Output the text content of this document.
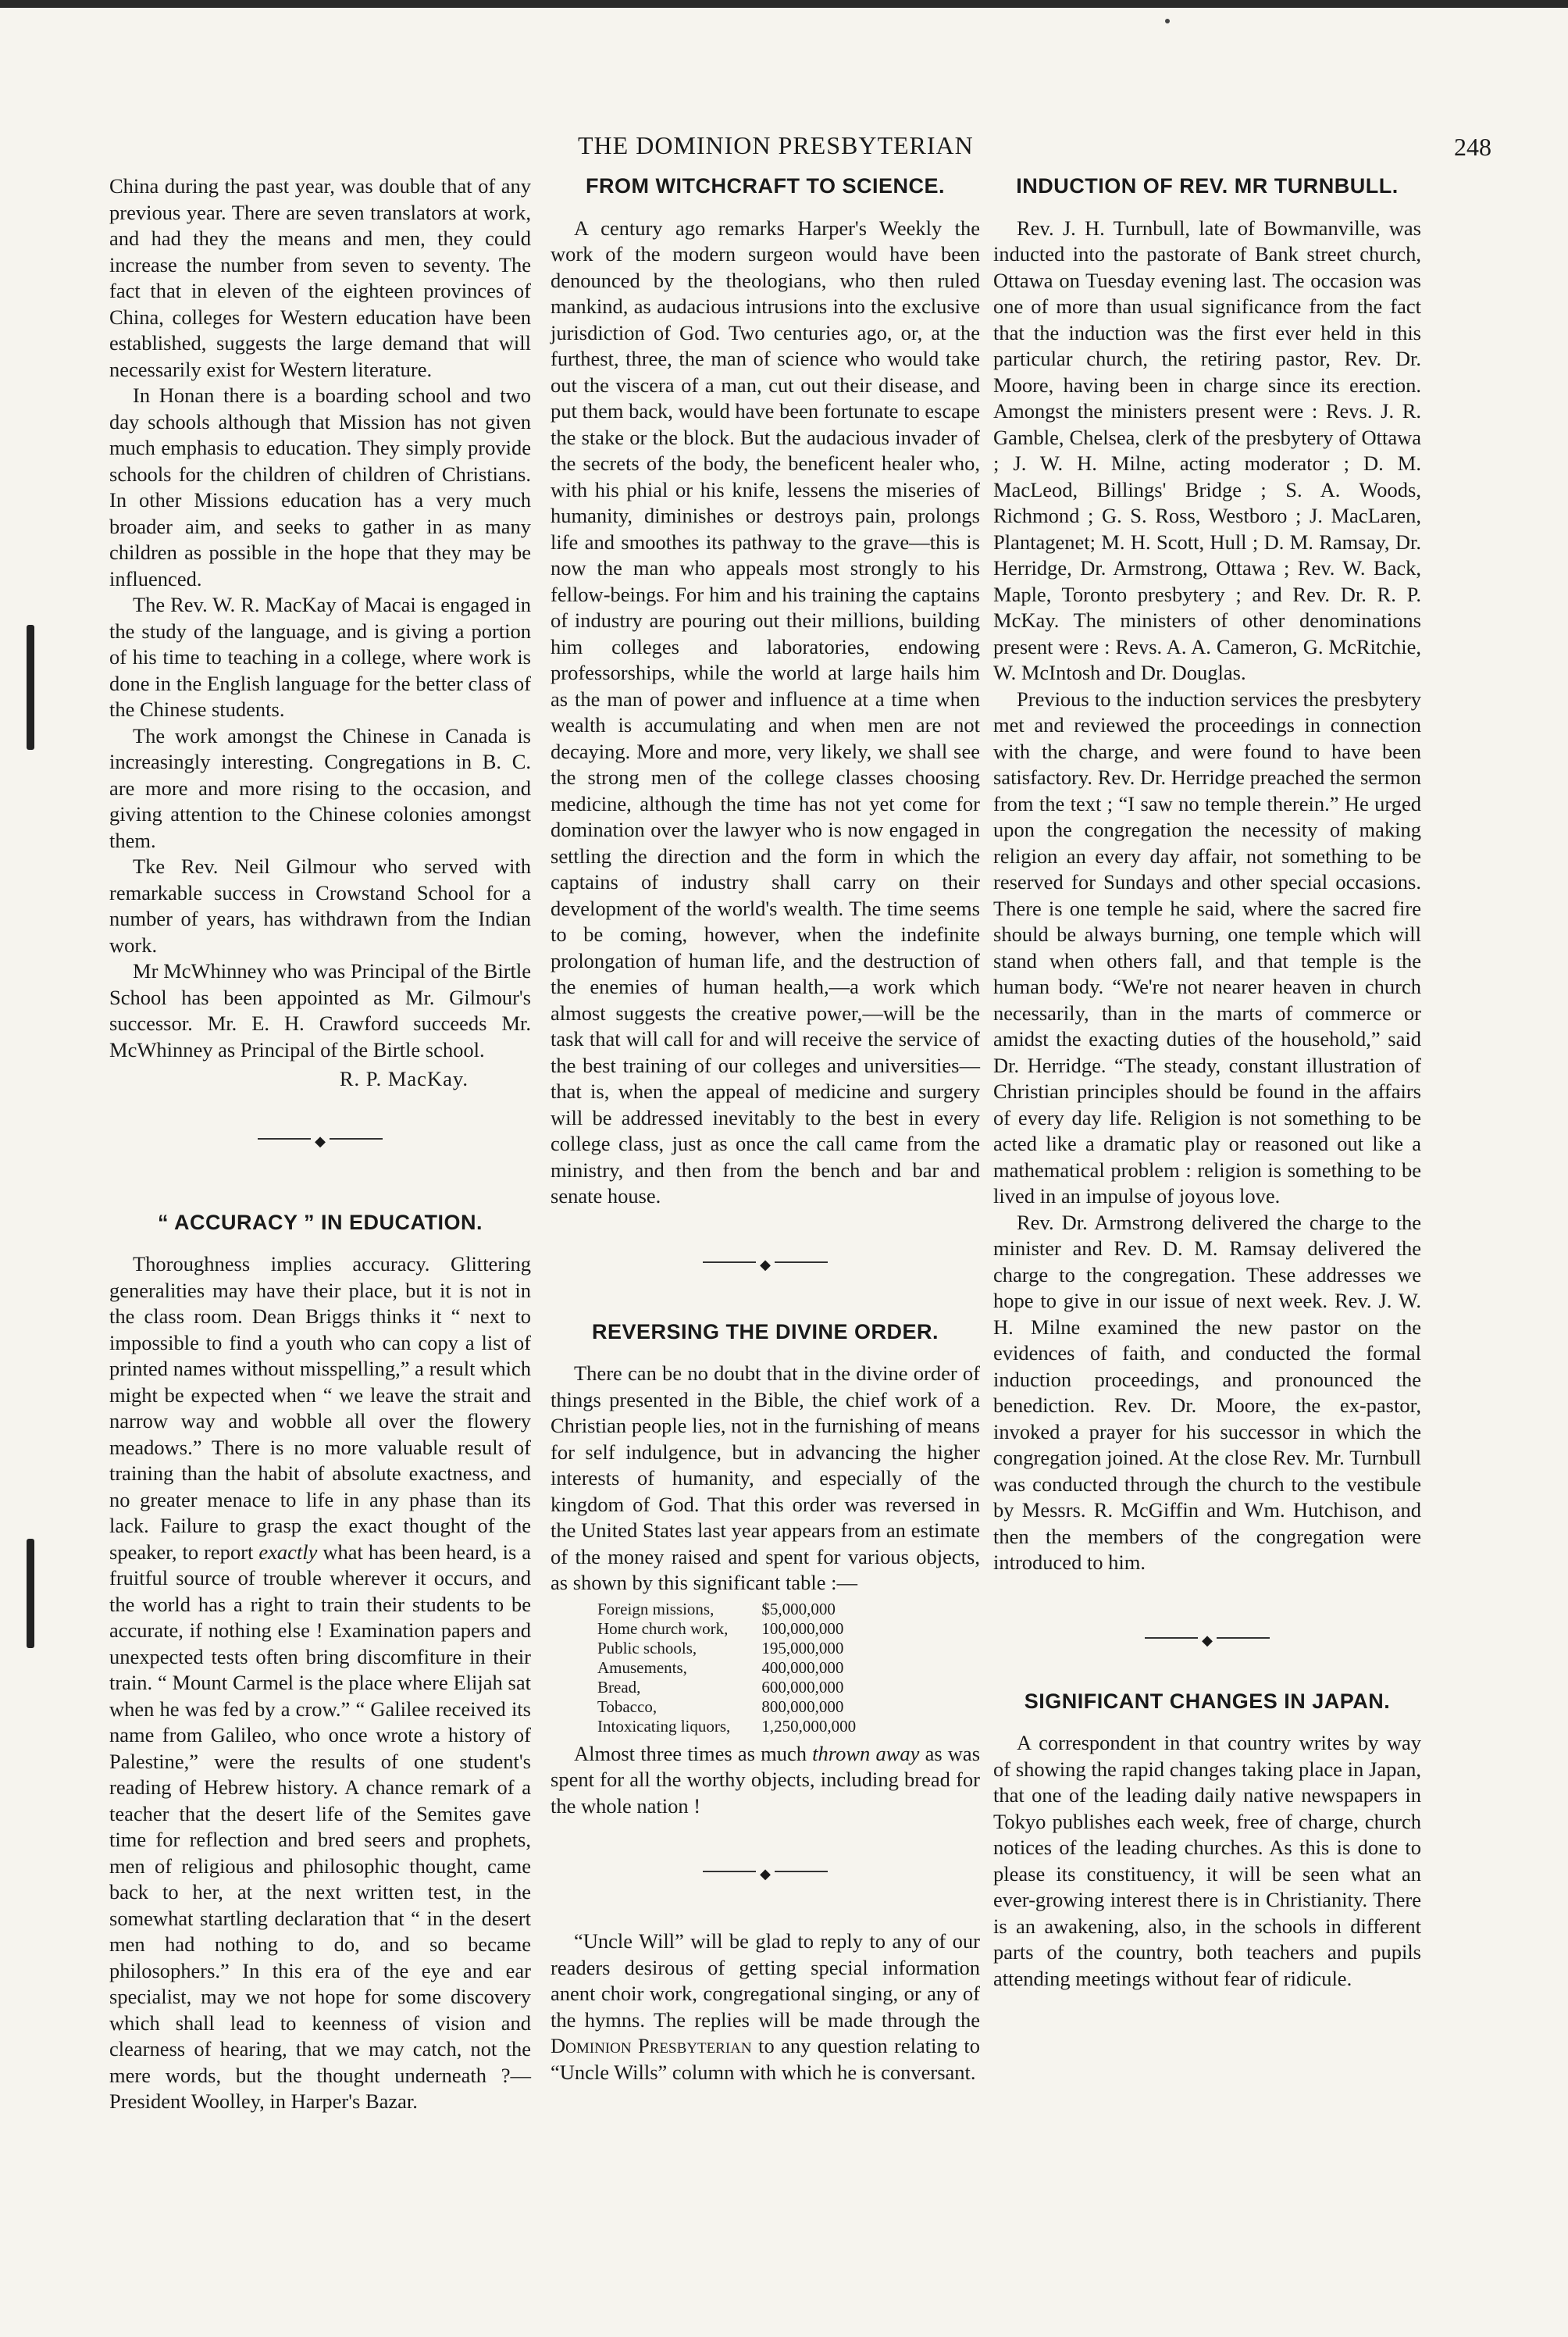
THE DOMINION PRESBYTERIAN	248

China during the past year, was double that of any previous year. There are seven translators at work, and had they the means and men, they could increase the number from seven to seventy. The fact that in eleven of the eighteen provinces of China, colleges for Western education have been established, suggests the large demand that will necessarily exist for Western literature.

In Honan there is a boarding school and two day schools although that Mission has not given much emphasis to education. They simply provide schools for the children of children of Christians. In other Missions education has a very much broader aim, and seeks to gather in as many children as possible in the hope that they may be influenced.

The Rev. W. R. MacKay of Macai is engaged in the study of the language, and is giving a portion of his time to teaching in a college, where work is done in the English language for the better class of the Chinese students.

The work amongst the Chinese in Canada is increasingly interesting. Congregations in B. C. are more and more rising to the occasion, and giving attention to the Chinese colonies amongst them.

Tke Rev. Neil Gilmour who served with remarkable success in Crowstand School for a number of years, has withdrawn from the Indian work.

Mr McWhinney who was Principal of the Birtle School has been appointed as Mr. Gilmour's successor. Mr. E. H. Crawford succeeds Mr. McWhinney as Principal of the Birtle school.

R. P. MacKay.
◆
“ ACCURACY ” IN EDUCATION.

Thoroughness implies accuracy. Glittering generalities may have their place, but it is not in the class room. Dean Briggs thinks it “ next to impossible to find a youth who can copy a list of printed names without misspelling,” a result which might be expected when “ we leave the strait and narrow way and wobble all over the flowery meadows.” There is no more valuable result of training than the habit of absolute exactness, and no greater menace to life in any phase than its lack. Failure to grasp the exact thought of the speaker, to report exactly what has been heard, is a fruitful source of trouble wherever it occurs, and the world has a right to train their students to be accurate, if nothing else ! Examination papers and unexpected tests often bring discomfiture in their train. “ Mount Carmel is the place where Elijah sat when he was fed by a crow.” “ Galilee received its name from Galileo, who once wrote a history of Palestine,” were the results of one student's reading of Hebrew history. A chance remark of a teacher that the desert life of the Semites gave time for reflection and bred seers and prophets, men of religious and philosophic thought, came back to her, at the next written test, in the somewhat startling declaration that “ in the desert men had nothing to do, and so became philosophers.” In this era of the eye and ear specialist, may we not hope for some discovery which shall lead to keenness of vision and clearness of hearing, that we may catch, not the mere words, but the thought underneath ?—President Woolley, in Harper's Bazar.

FROM WITCHCRAFT TO SCIENCE.

A century ago remarks Harper's Weekly the work of the modern surgeon would have been denounced by the theologians, who then ruled mankind, as audacious intrusions into the exclusive jurisdiction of God. Two centuries ago, or, at the furthest, three, the man of science who would take out the viscera of a man, cut out their disease, and put them back, would have been fortunate to escape the stake or the block. But the audacious invader of the secrets of the body, the beneficent healer who, with his phial or his knife, lessens the miseries of humanity, diminishes or destroys pain, prolongs life and smoothes its pathway to the grave—this is now the man who appeals most strongly to his fellow-beings. For him and his training the captains of industry are pouring out their millions, building him colleges and laboratories, endowing professorships, while the world at large hails him as the man of power and influence at a time when wealth is accumulating and when men are not decaying. More and more, very likely, we shall see the strong men of the college classes choosing medicine, although the time has not yet come for domination over the lawyer who is now engaged in settling the direction and the form in which the captains of industry shall carry on their development of the world's wealth. The time seems to be coming, however, when the indefinite prolongation of human life, and the destruction of the enemies of human health,—a work which almost suggests the creative power,—will be the task that will call for and will receive the service of the best training of our colleges and universities—that is, when the appeal of medicine and surgery will be addressed inevitably to the best in every college class, just as once the call came from the ministry, and then from the bench and bar and senate house.

◆
REVERSING THE DIVINE ORDER.

There can be no doubt that in the divine order of things presented in the Bible, the chief work of a Christian people lies, not in the furnishing of means for self indulgence, but in advancing the higher interests of humanity, and especially of the kingdom of God. That this order was reversed in the United States last year appears from an estimate of the money raised and spent for various objects, as shown by this significant table :—

Foreign missions,	$5,000,000
Home church work,	100,000,000
Public schools,	195,000,000
Amusements,	400,000,000
Bread,	600,000,000
Tobacco,	800,000,000
Intoxicating liquors,	1,250,000,000

Almost three times as much thrown away as was spent for all the worthy objects, including bread for the whole nation !

◆

“Uncle Will” will be glad to reply to any of our readers desirous of getting special information anent choir work, congregational singing, or any of the hymns. The replies will be made through the Dominion Presbyterian to any question relating to “Uncle Wills” column with which he is conversant.

INDUCTION OF REV. MR TURNBULL.

Rev. J. H. Turnbull, late of Bowmanville, was inducted into the pastorate of Bank street church, Ottawa on Tuesday evening last. The occasion was one of more than usual significance from the fact that the induction was the first ever held in this particular church, the retiring pastor, Rev. Dr. Moore, having been in charge since its erection. Amongst the ministers present were : Revs. J. R. Gamble, Chelsea, clerk of the presbytery of Ottawa ; J. W. H. Milne, acting moderator ; D. M. MacLeod, Billings' Bridge ; S. A. Woods, Richmond ; G. S. Ross, Westboro ; J. MacLaren, Plantagenet; M. H. Scott, Hull ; D. M. Ramsay, Dr. Herridge, Dr. Armstrong, Ottawa ; Rev. W. Back, Maple, Toronto presbytery ; and Rev. Dr. R. P. McKay. The ministers of other denominations present were : Revs. A. A. Cameron, G. McRitchie, W. McIntosh and Dr. Douglas.

Previous to the induction services the presbytery met and reviewed the proceedings in connection with the charge, and were found to have been satisfactory. Rev. Dr. Herridge preached the sermon from the text ; “I saw no temple therein.” He urged upon the congregation the necessity of making religion an every day affair, not something to be reserved for Sundays and other special occasions. There is one temple he said, where the sacred fire should be always burning, one temple which will stand when others fall, and that temple is the human body. “We're not nearer heaven in church necessarily, than in the marts of commerce or amidst the exacting duties of the household,” said Dr. Herridge. “The steady, constant illustration of Christian principles should be found in the affairs of every day life. Religion is not something to be acted like a dramatic play or reasoned out like a mathematical problem : religion is something to be lived in an impulse of joyous love.

Rev. Dr. Armstrong delivered the charge to the minister and Rev. D. M. Ramsay delivered the charge to the congregation. These addresses we hope to give in our issue of next week. Rev. J. W. H. Milne examined the new pastor on the evidences of faith, and conducted the formal induction proceedings, and pronounced the benediction. Rev. Dr. Moore, the ex-pastor, invoked a prayer for his successor in which the congregation joined. At the close Rev. Mr. Turnbull was conducted through the church to the vestibule by Messrs. R. McGiffin and Wm. Hutchison, and then the members of the congregation were introduced to him.

◆
SIGNIFICANT CHANGES IN JAPAN.

A correspondent in that country writes by way of showing the rapid changes taking place in Japan, that one of the leading daily native newspapers in Tokyo publishes each week, free of charge, church notices of the leading churches. As this is done to please its constituency, it will be seen what an ever-growing interest there is in Christianity. There is an awakening, also, in the schools in different parts of the country, both teachers and pupils attending meetings without fear of ridicule.
